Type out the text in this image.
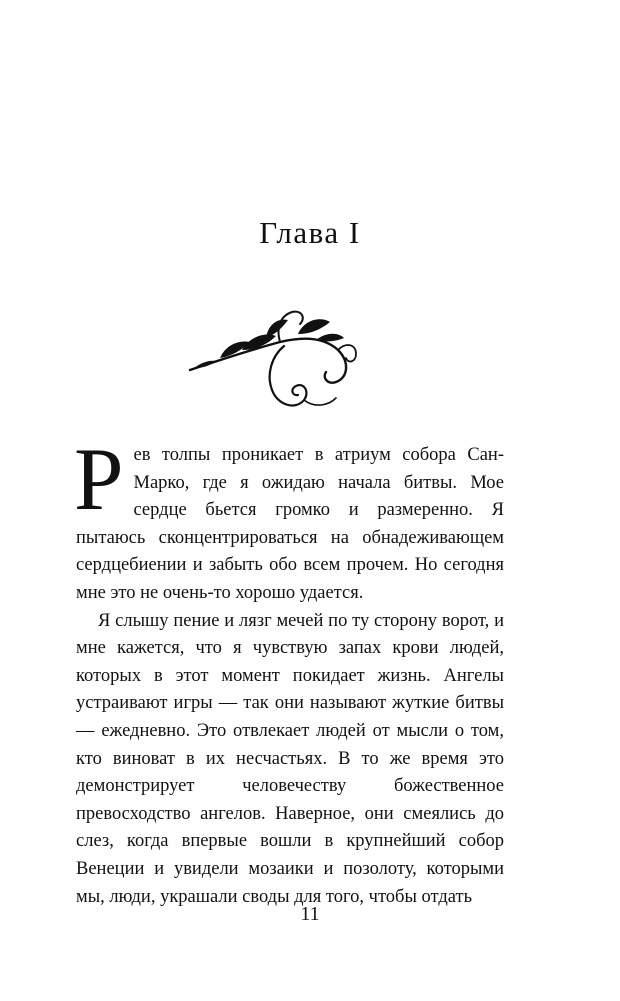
Глава I

Рев толпы проникает в атриум собора Сан-Марко, где я ожидаю начала битвы. Мое сердце бьется громко и размеренно. Я пытаюсь сконцентрироваться на обнадеживающем сердцебиении и забыть обо всем прочем. Но сегодня мне это не очень-то хорошо удается.

Я слышу пение и лязг мечей по ту сторону ворот, и мне кажется, что я чувствую запах крови людей, которых в этот момент покидает жизнь. Ангелы устраивают игры — так они называют жуткие битвы — ежедневно. Это отвлекает людей от мысли о том, кто виноват в их несчастьях. В то же время это демонстрирует человечеству божественное превосходство ангелов. Наверное, они смеялись до слез, когда впервые вошли в крупнейший собор Венеции и увидели мозаики и позолоту, которыми мы, люди, украшали своды для того, чтобы отдать

11
